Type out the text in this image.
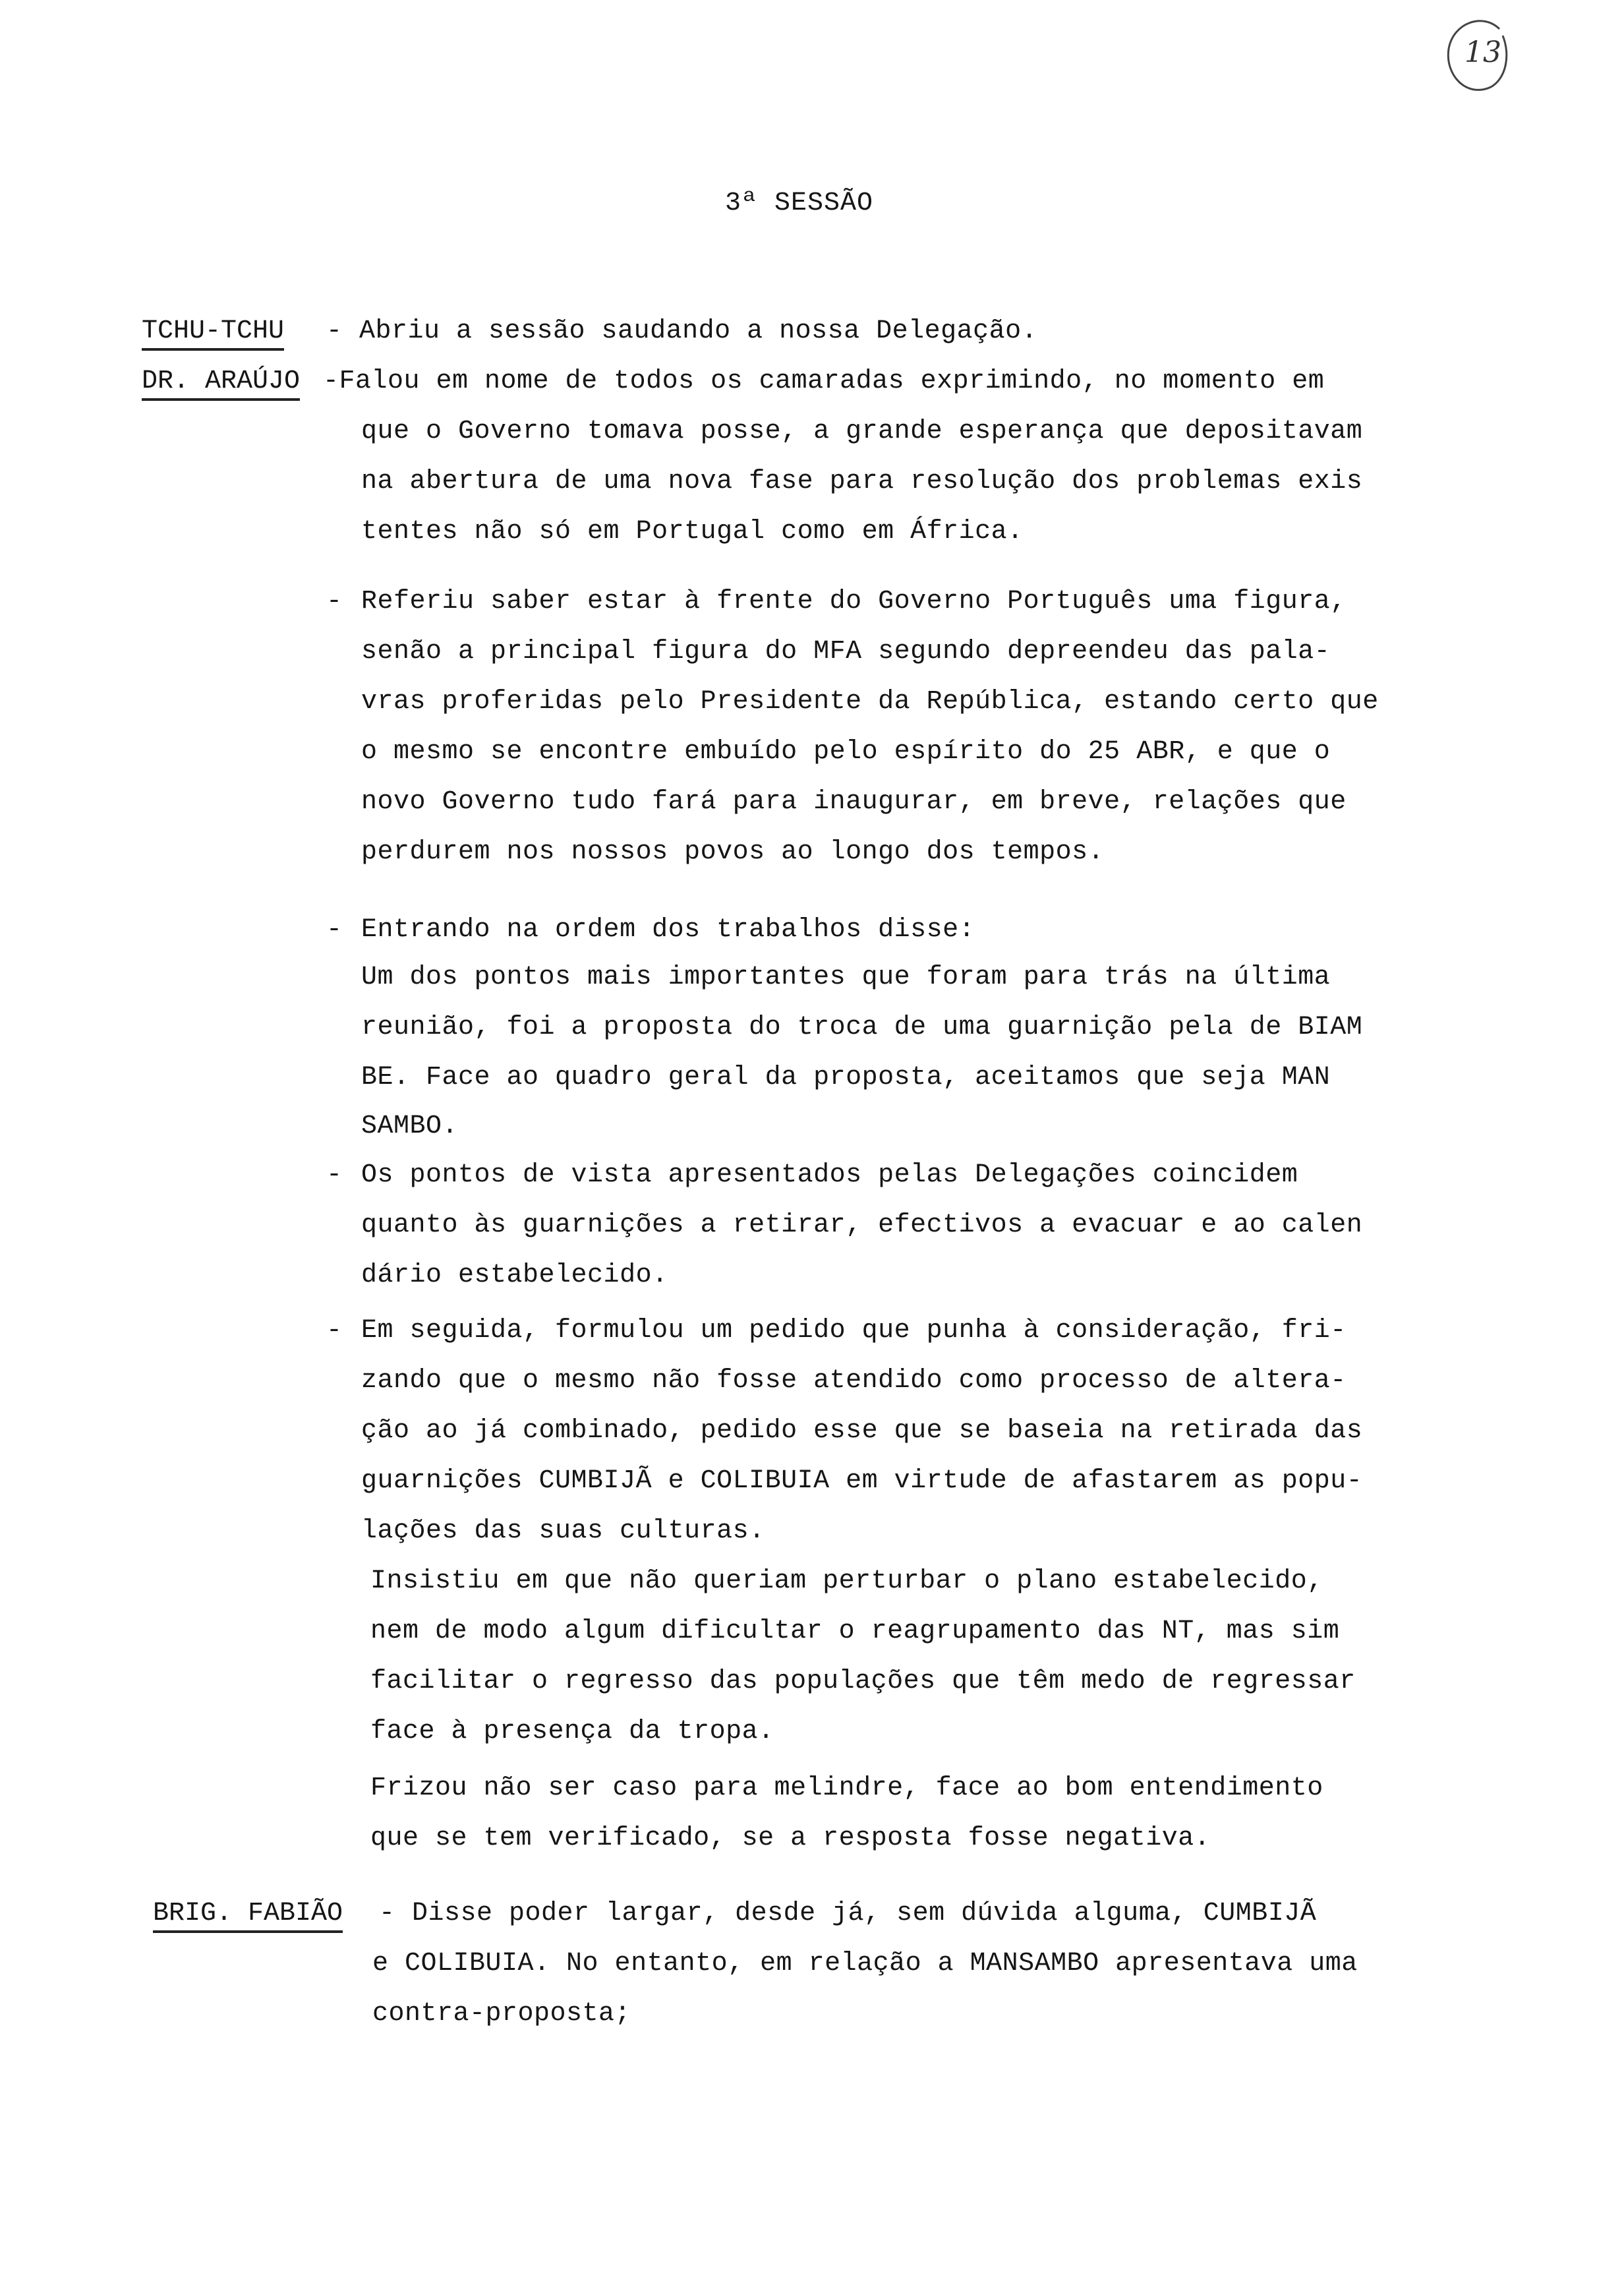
13
3ª SESSÃO
TCHU-TCHU - Abriu a sessão saudando a nossa Delegação.
DR. ARAÚJO -Falou em nome de todos os camaradas exprimindo, no momento em
que o Governo tomava posse, a grande esperança que depositavam
na abertura de uma nova fase para resolução dos problemas exis
tentes não só em Portugal como em África.
- Referiu saber estar à frente do Governo Português uma figura,
senão a principal figura do MFA segundo depreendeu das pala-
vras proferidas pelo Presidente da República, estando certo que
o mesmo se encontre embuído pelo espírito do 25 ABR, e que o
novo Governo tudo fará para inaugurar, em breve, relações que
perdurem nos nossos povos ao longo dos tempos.
- Entrando na ordem dos trabalhos disse:
Um dos pontos mais importantes que foram para trás na última
reunião, foi a proposta do troca de uma guarnição pela de BIAM
BE. Face ao quadro geral da proposta, aceitamos que seja MAN
SAMBO.
- Os pontos de vista apresentados pelas Delegações coincidem
quanto às guarnições a retirar, efectivos a evacuar e ao calen
dário estabelecido.
- Em seguida, formulou um pedido que punha à consideração, fri-
zando que o mesmo não fosse atendido como processo de altera-
ção ao já combinado, pedido esse que se baseia na retirada das
guarnições CUMBIJÃ e COLIBUIA em virtude de afastarem as popu-
lações das suas culturas.
Insistiu em que não queriam perturbar o plano estabelecido,
nem de modo algum dificultar o reagrupamento das NT, mas sim
facilitar o regresso das populações que têm medo de regressar
face à presença da tropa.
Frizou não ser caso para melindre, face ao bom entendimento
que se tem verificado, se a resposta fosse negativa.
BRIG. FABIÃO - Disse poder largar, desde já, sem dúvida alguma, CUMBIJÃ
e COLIBUIA. No entanto, em relação a MANSAMBO apresentava uma
contra-proposta;
